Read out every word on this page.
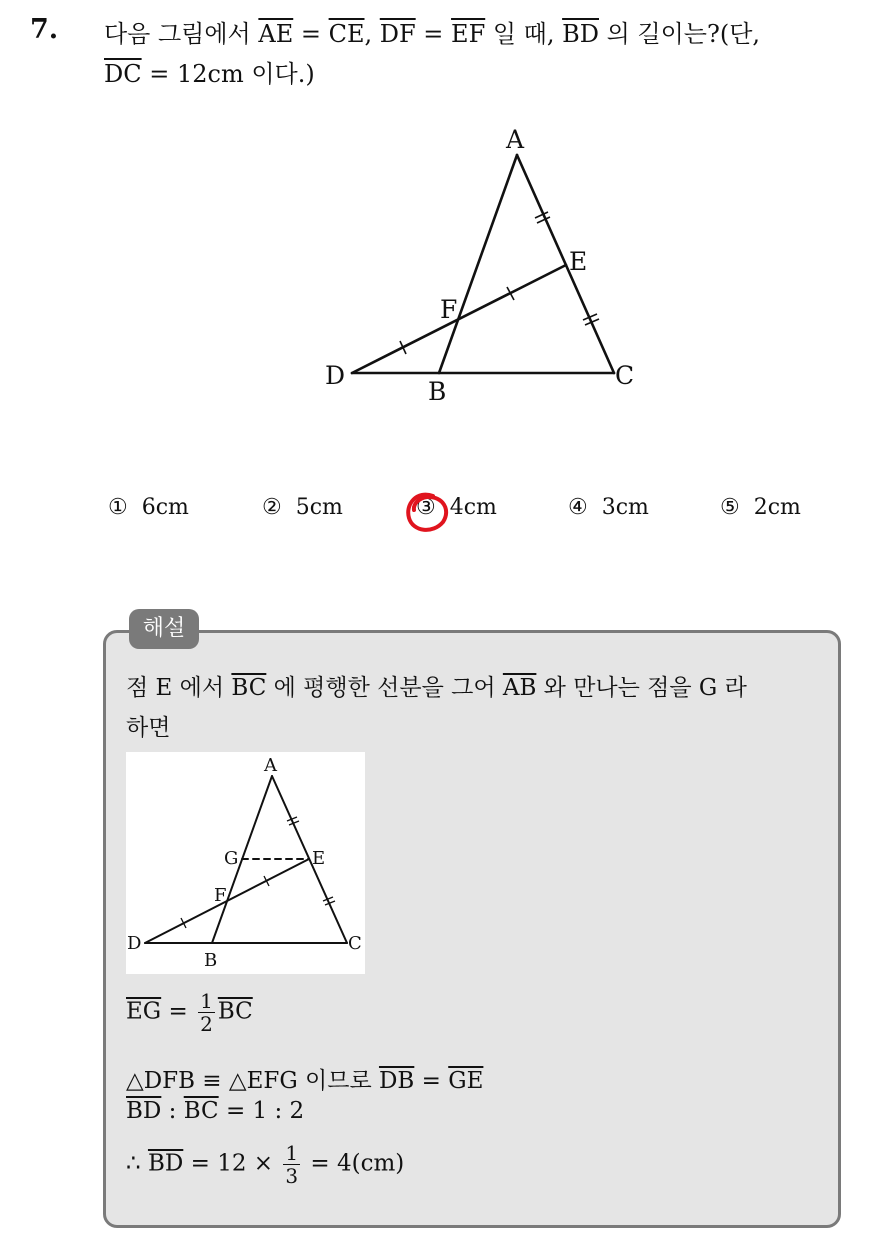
7. 다음 그림에서 $\overline{AE} = \overline{CE}$, $\overline{DF} = \overline{EF}$ 일 때, $\overline{BD}$ 의 길이는?(단,
$\overline{DC} = 12cm$ 이다.)
A
E
F
D
B
C
① 6cm	② 5cm	③ 4cm	④ 3cm	⑤ 2cm
해설
점 E 에서 $\overline{BC}$ 에 평행한 선분을 그어 $\overline{AB}$ 와 만나는 점을 G 라
하면
A
G	E
F
D
B
C
$\overline{EG} = \frac{1}{2} \overline{BC}$
△DFB ≡ △EFG 이므로 $\overline{DB} = \overline{GE}$
$\overline{BD}$ : $\overline{BC} = 1$ : 2
∴ $\overline{BD} = 12 \times \frac{1}{3} = 4(cm)$
